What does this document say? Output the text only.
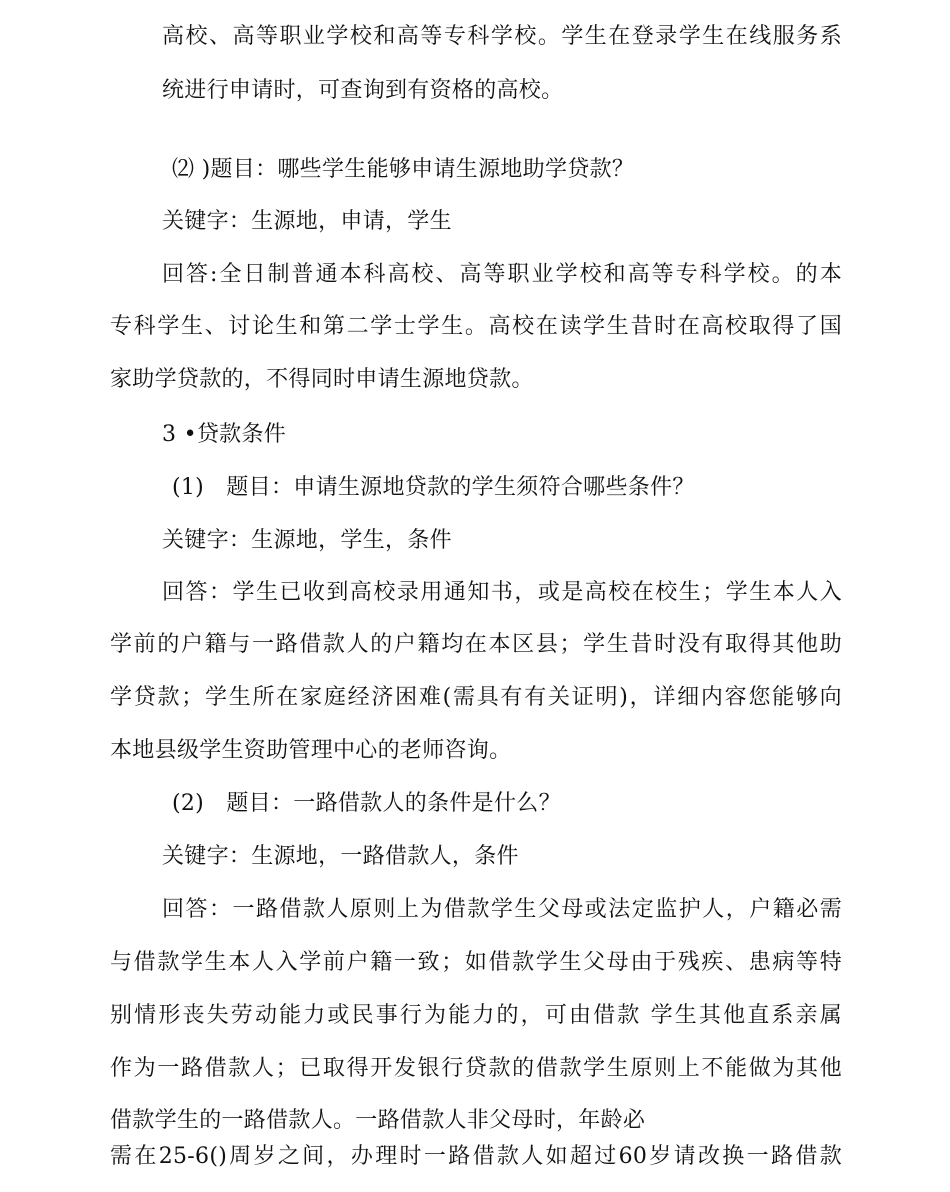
高校、高等职业学校和高等专科学校。学生在登录学生在线服务系
统进行申请时，可查询到有资格的高校。
⑵ )题目：哪些学生能够申请生源地助学贷款？
关键字：生源地，申请，学生
回答:全日制普通本科高校、高等职业学校和高等专科学校。的本
专科学生、讨论生和第二学士学生。高校在读学生昔时在高校取得了国
家助学贷款的，不得同时申请生源地贷款。
3 •贷款条件
(1)　题目：申请生源地贷款的学生须符合哪些条件？
关键字：生源地，学生，条件
回答：学生已收到高校录用通知书，或是高校在校生；学生本人入
学前的户籍与一路借款人的户籍均在本区县；学生昔时没有取得其他助
学贷款；学生所在家庭经济困难(需具有有关证明)，详细内容您能够向
本地县级学生资助管理中心的老师咨询。
(2)　题目：一路借款人的条件是什么？
关键字：生源地，一路借款人，条件
回答：一路借款人原则上为借款学生父母或法定监护人，户籍必需
与借款学生本人入学前户籍一致；如借款学生父母由于残疾、患病等特
别情形丧失劳动能力或民事行为能力的，可由借款 学生其他直系亲属
作为一路借款人；已取得开发银行贷款的借款学生原则上不能做为其他
借款学生的一路借款人。一路借款人非父母时，年龄必
需在25-6()周岁之间，办理时一路借款人如超过60岁请改换一路借款
